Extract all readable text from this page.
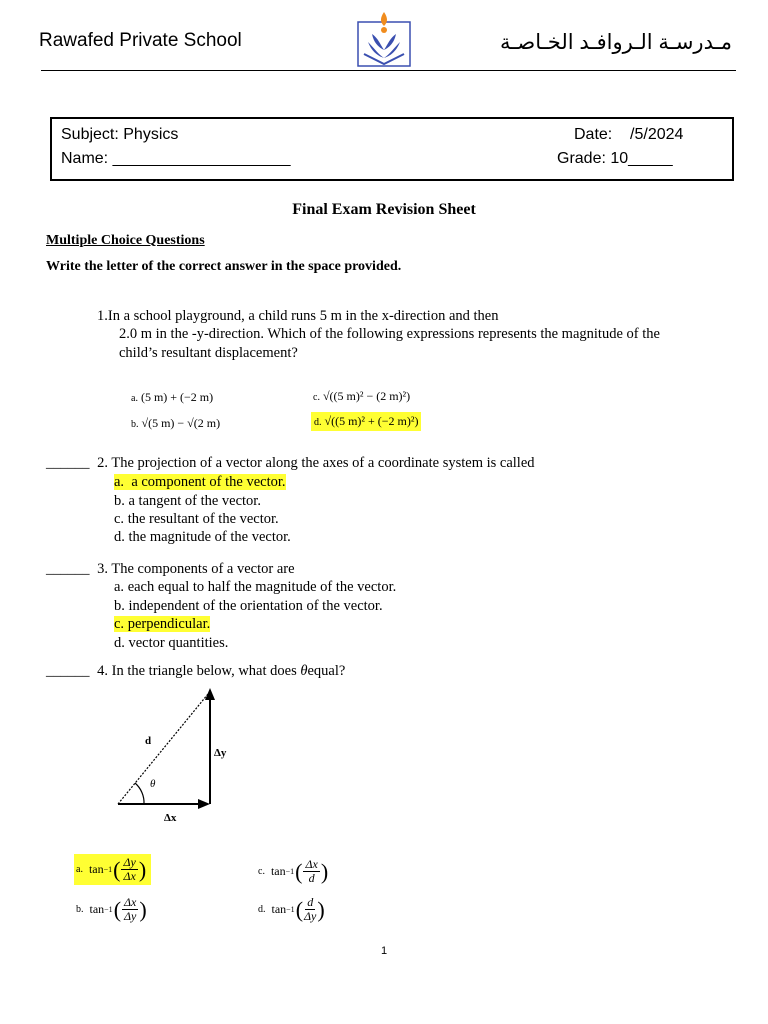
Rawafed Private School	مـدرسـة الـروافـد الخـاصـة
Subject: Physics	Date:    /5/2024
Name: ____________________	Grade: 10_____
Final Exam Revision Sheet
Multiple Choice Questions
Write the letter of the correct answer in the space provided.
1.In a school playground, a child runs 5 m in the x-direction and then
2.0 m in the -y-direction. Which of the following expressions represents the magnitude of the
child’s resultant displacement?
a. (5 m) + (−2 m)
b. √(5 m) − √(2 m)
c. √((5 m)² − (2 m)²)
d. √((5 m)² + (−2 m)²)
______ 2. The projection of a vector along the axes of a coordinate system is called
a. a component of the vector.
b. a tangent of the vector.
c. the resultant of the vector.
d. the magnitude of the vector.
______ 3. The components of a vector are
a. each equal to half the magnitude of the vector.
b. independent of the orientation of the vector.
c. perpendicular.
d. vector quantities.
______ 4. In the triangle below, what does θequal?
d
Δy
Δx
θ
a. tan −1 ( Δy
Δx )
b. tan −1 ( Δx
Δy )
c. tan −1 ( Δx
d )
d. tan −1 ( d
Δy )
1
